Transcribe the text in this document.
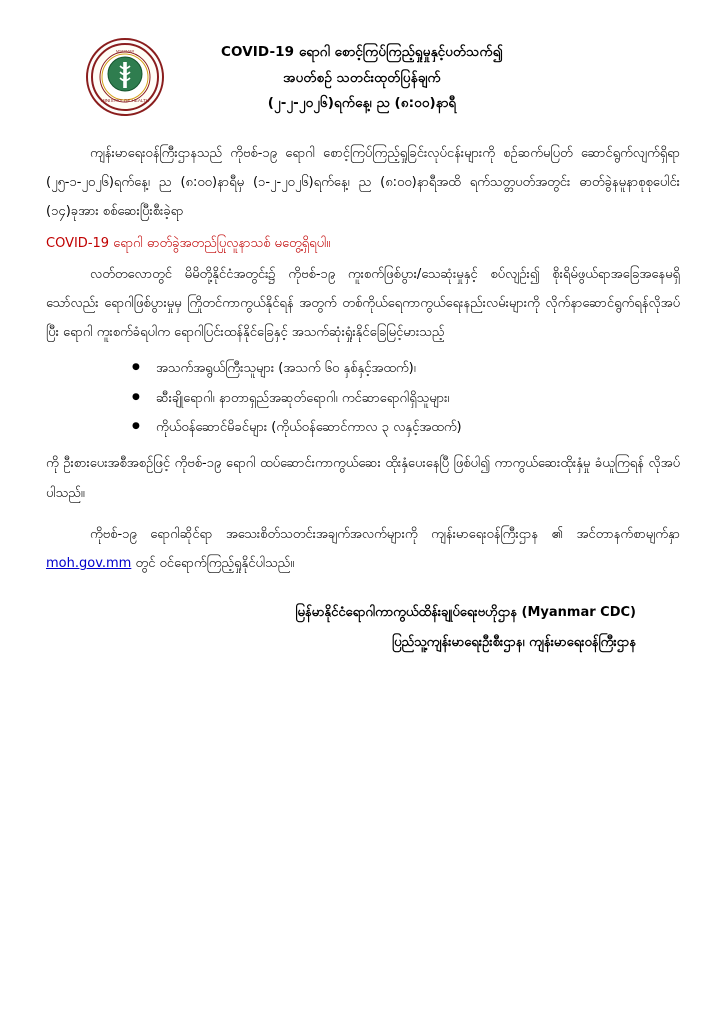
MINISTRY OF HEALTH
MYANMAR	COVID-19 ရောဂါ စောင့်ကြပ်ကြည့်ရှုမှုနှင့်ပတ်သက်၍
အပတ်စဉ် သတင်းထုတ်ပြန်ချက်
(၂-၂-၂၀၂၆)ရက်နေ့၊ ည (၈:၀၀)နာရီ

ကျန်းမာရေးဝန်ကြီးဌာနသည် ကိုဗစ်-၁၉ ရောဂါ စောင့်ကြပ်ကြည့်ရှုခြင်းလုပ်ငန်းများကို စဉ်ဆက်မပြတ် ဆောင်ရွက်လျက်ရှိရာ (၂၅-၁-၂၀၂၆)ရက်နေ့၊ ည (၈:၀၀)နာရီမှ (၁-၂-၂၀၂၆)ရက်နေ့၊ ည (၈:၀၀)နာရီအထိ ရက်သတ္တပတ်အတွင်း ဓာတ်ခွဲနမူနာစုစုပေါင်း (၁၄)ခုအား စစ်ဆေးပြီးစီးခဲ့ရာ

COVID-19 ရောဂါ ဓာတ်ခွဲအတည်ပြုလူနာသစ် မတွေ့ရှိရပါ။

လတ်တလောတွင် မိမိတို့နိုင်ငံအတွင်း၌ ကိုဗစ်-၁၉ ကူးစက်ဖြစ်ပွား/သေဆုံးမှုနှင့် စပ်လျဉ်း၍ စိုးရိမ်ဖွယ်ရာအခြေအနေမရှိသော်လည်း ရောဂါဖြစ်ပွားမှုမှ ကြိုတင်ကာကွယ်နိုင်ရန် အတွက် တစ်ကိုယ်ရေကာကွယ်ရေးနည်းလမ်းများကို လိုက်နာဆောင်ရွက်ရန်လိုအပ်ပြီး ရောဂါ ကူးစက်ခံရပါက ရောဂါပြင်းထန်နိုင်ခြေနှင့် အသက်ဆုံးရှုံးနိုင်ခြေမြင့်မားသည့်

● အသက်အရွယ်ကြီးသူများ (အသက် ၆၀ နှစ်နှင့်အထက်)၊
● ဆီးချိုရောဂါ၊ နာတာရှည်အဆုတ်ရောဂါ၊ ကင်ဆာရောဂါရှိသူများ၊
● ကိုယ်ဝန်ဆောင်မိခင်များ (ကိုယ်ဝန်ဆောင်ကာလ ၃ လနှင့်အထက်)

ကို ဦးစားပေးအစီအစဉ်ဖြင့် ကိုဗစ်-၁၉ ရောဂါ ထပ်ဆောင်းကာကွယ်ဆေး ထိုးနှံပေးနေပြီ ဖြစ်ပါ၍ ကာကွယ်ဆေးထိုးနှံမှု ခံယူကြရန် လိုအပ်ပါသည်။

ကိုဗစ်-၁၉ ရောဂါဆိုင်ရာ အသေးစိတ်သတင်းအချက်အလက်များကို ကျန်းမာရေးဝန်ကြီးဌာန ၏ အင်တာနက်စာမျက်နှာ moh.gov.mm တွင် ဝင်ရောက်ကြည့်ရှုနိုင်ပါသည်။

မြန်မာနိုင်ငံရောဂါကာကွယ်ထိန်းချုပ်ရေးဗဟိုဌာန (Myanmar CDC)
ပြည်သူ့ကျန်းမာရေးဦးစီးဌာန၊ ကျန်းမာရေးဝန်ကြီးဌာန
